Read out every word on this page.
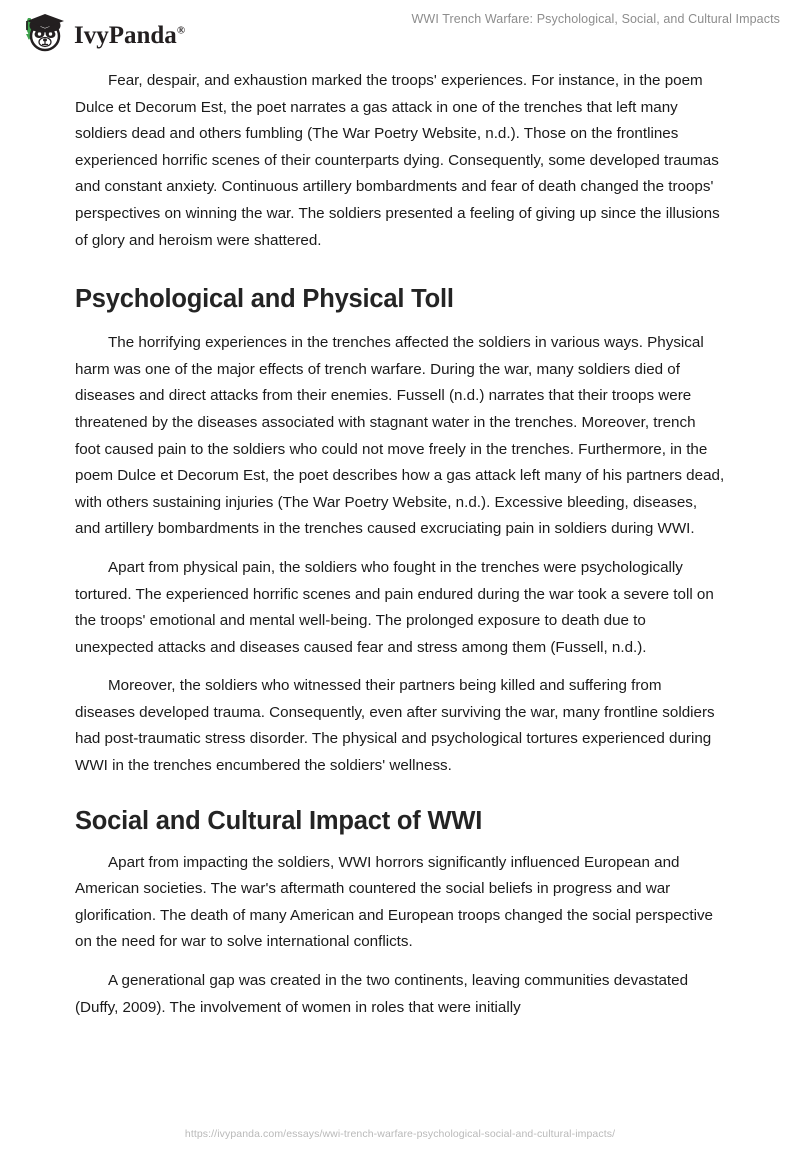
IvyPanda®
WWI Trench Warfare: Psychological, Social, and Cultural Impacts

Fear, despair, and exhaustion marked the troops' experiences. For instance, in the poem Dulce et Decorum Est, the poet narrates a gas attack in one of the trenches that left many soldiers dead and others fumbling (The War Poetry Website, n.d.). Those on the frontlines experienced horrific scenes of their counterparts dying. Consequently, some developed traumas and constant anxiety. Continuous artillery bombardments and fear of death changed the troops' perspectives on winning the war. The soldiers presented a feeling of giving up since the illusions of glory and heroism were shattered.

Psychological and Physical Toll

The horrifying experiences in the trenches affected the soldiers in various ways. Physical harm was one of the major effects of trench warfare. During the war, many soldiers died of diseases and direct attacks from their enemies. Fussell (n.d.) narrates that their troops were threatened by the diseases associated with stagnant water in the trenches. Moreover, trench foot caused pain to the soldiers who could not move freely in the trenches. Furthermore, in the poem Dulce et Decorum Est, the poet describes how a gas attack left many of his partners dead, with others sustaining injuries (The War Poetry Website, n.d.). Excessive bleeding, diseases, and artillery bombardments in the trenches caused excruciating pain in soldiers during WWI.

Apart from physical pain, the soldiers who fought in the trenches were psychologically tortured. The experienced horrific scenes and pain endured during the war took a severe toll on the troops' emotional and mental well-being. The prolonged exposure to death due to unexpected attacks and diseases caused fear and stress among them (Fussell, n.d.).

Moreover, the soldiers who witnessed their partners being killed and suffering from diseases developed trauma. Consequently, even after surviving the war, many frontline soldiers had post-traumatic stress disorder. The physical and psychological tortures experienced during WWI in the trenches encumbered the soldiers' wellness.

Social and Cultural Impact of WWI

Apart from impacting the soldiers, WWI horrors significantly influenced European and American societies. The war's aftermath countered the social beliefs in progress and war glorification. The death of many American and European troops changed the social perspective on the need for war to solve international conflicts.

A generational gap was created in the two continents, leaving communities devastated (Duffy, 2009). The involvement of women in roles that were initially

https://ivypanda.com/essays/wwi-trench-warfare-psychological-social-and-cultural-impacts/
